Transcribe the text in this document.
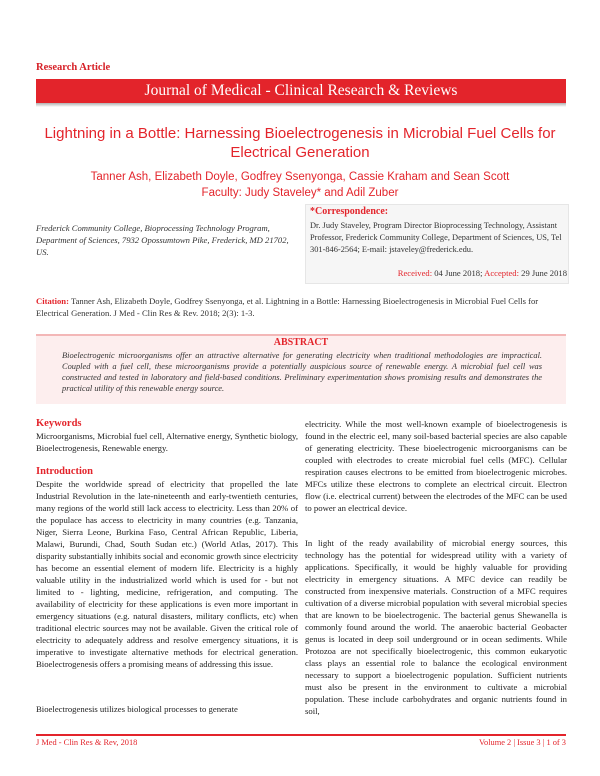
Research Article
Journal of Medical - Clinical Research & Reviews
Lightning in a Bottle: Harnessing Bioelectrogenesis in Microbial Fuel Cells for Electrical Generation
Tanner Ash, Elizabeth Doyle, Godfrey Ssenyonga, Cassie Kraham and Sean Scott
Faculty: Judy Staveley* and Adil Zuber
Frederick Community College, Bioprocessing Technology Program, Department of Sciences, 7932 Opossumtown Pike, Frederick, MD 21702, US.
*Correspondence:
Dr. Judy Staveley, Program Director Bioprocessing Technology, Assistant Professor, Frederick Community College, Department of Sciences, US, Tel 301-846-2564; E-mail: jstaveley@frederick.edu.
Received: 04 June 2018; Accepted: 29 June 2018
Citation: Tanner Ash, Elizabeth Doyle, Godfrey Ssenyonga, et al. Lightning in a Bottle: Harnessing Bioelectrogenesis in Microbial Fuel Cells for Electrical Generation. J Med - Clin Res & Rev. 2018; 2(3): 1-3.
ABSTRACT
Bioelectrogenic microorganisms offer an attractive alternative for generating electricity when traditional methodologies are impractical. Coupled with a fuel cell, these microorganisms provide a potentially auspicious source of renewable energy. A microbial fuel cell was constructed and tested in laboratory and field-based conditions. Preliminary experimentation shows promising results and demonstrates the practical utility of this renewable energy source.
Keywords

Microorganisms, Microbial fuel cell, Alternative energy, Synthetic biology, Bioelectrogenesis, Renewable energy.

Introduction

Despite the worldwide spread of electricity that propelled the late Industrial Revolution in the late-nineteenth and early-twentieth centuries, many regions of the world still lack access to electricity. Less than 20% of the populace has access to electricity in many countries (e.g. Tanzania, Niger, Sierra Leone, Burkina Faso, Central African Republic, Liberia, Malawi, Burundi, Chad, South Sudan etc.) (World Atlas, 2017). This disparity substantially inhibits social and economic growth since electricity has become an essential element of modern life. Electricity is a highly valuable utility in the industrialized world which is used for - but not limited to - lighting, medicine, refrigeration, and computing. The availability of electricity for these applications is even more important in emergency situations (e.g. natural disasters, military conflicts, etc) when traditional electric sources may not be available. Given the critical role of electricity to adequately address and resolve emergency situations, it is imperative to investigate alternative methods for electrical generation. Bioelectrogenesis offers a promising means of addressing this issue.

Bioelectrogenesis utilizes biological processes to generate
electricity. While the most well-known example of bioelectrogenesis is found in the electric eel, many soil-based bacterial species are also capable of generating electricity. These bioelectrogenic microorganisms can be coupled with electrodes to create microbial fuel cells (MFC). Cellular respiration causes electrons to be emitted from bioelectrogenic microbes. MFCs utilize these electrons to complete an electrical circuit. Electron flow (i.e. electrical current) between the electrodes of the MFC can be used to power an electrical device.
In light of the ready availability of microbial energy sources, this technology has the potential for widespread utility with a variety of applications. Specifically, it would be highly valuable for providing electricity in emergency situations. A MFC device can readily be constructed from inexpensive materials. Construction of a MFC requires cultivation of a diverse microbial population with several microbial species that are known to be bioelectrogenic. The bacterial genus Shewanella is commonly found around the world. The anaerobic bacterial Geobacter genus is located in deep soil underground or in ocean sediments. While Protozoa are not specifically bioelectrogenic, this common eukaryotic class plays an essential role to balance the ecological environment necessary to support a bioelectrogenic population. Sufficient nutrients must also be present in the environment to cultivate a microbial population. These include carbohydrates and organic nutrients found in soil,
J Med - Clin Res & Rev, 2018	Volume 2 | Issue 3 | 1 of 3
